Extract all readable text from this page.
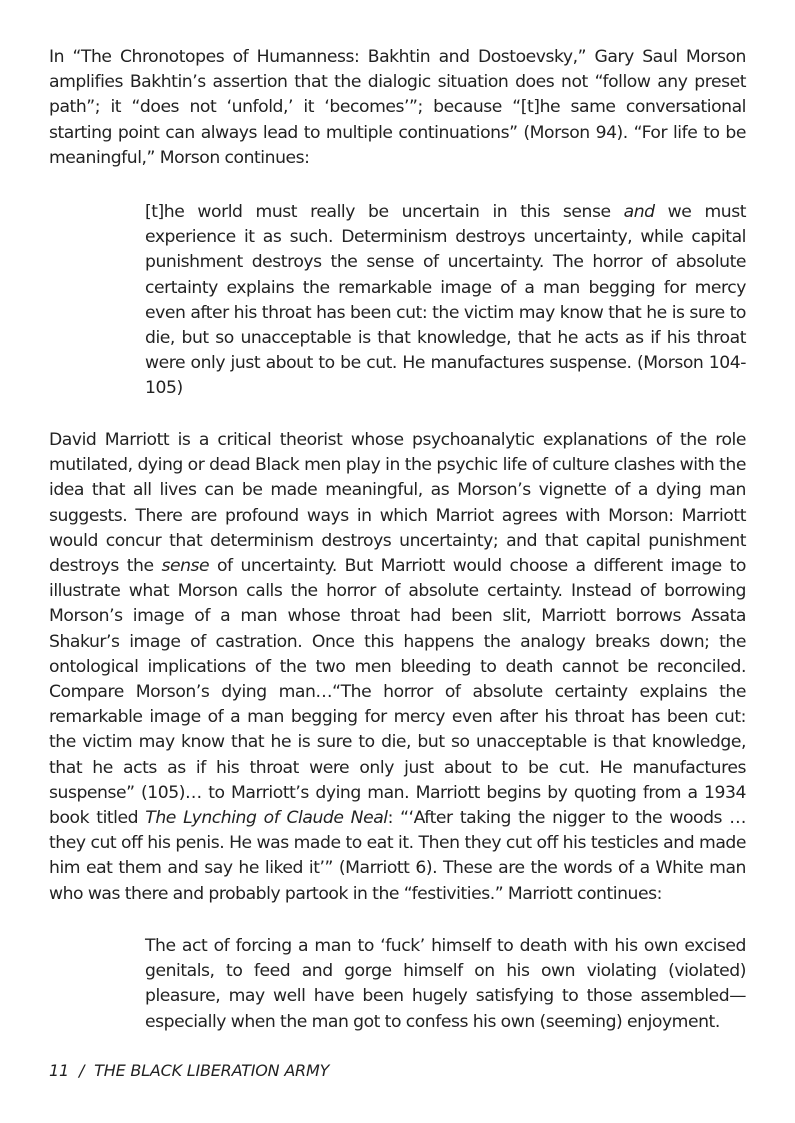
In “The Chronotopes of Humanness: Bakhtin and Dostoevsky,” Gary Saul Morson amplifies Bakhtin’s assertion that the dialogic situation does not “follow any preset path”; it “does not ‘unfold,’ it ‘becomes’”; because “[t]he same conversational starting point can always lead to multiple continuations” (Morson 94). “For life to be meaningful,” Morson continues:

[t]he world must really be uncertain in this sense and we must experience it as such. Determinism destroys uncertainty, while capital punishment destroys the sense of uncertainty. The horror of absolute certainty explains the remarkable image of a man begging for mercy even after his throat has been cut: the victim may know that he is sure to die, but so unacceptable is that knowledge, that he acts as if his throat were only just about to be cut. He manufactures suspense. (Morson 104-105)

David Marriott is a critical theorist whose psychoanalytic explanations of the role mutilated, dying or dead Black men play in the psychic life of culture clashes with the idea that all lives can be made meaningful, as Morson’s vignette of a dying man suggests. There are profound ways in which Marriot agrees with Morson: Marriott would concur that determinism destroys uncertainty; and that capital punishment destroys the sense of uncertainty. But Marriott would choose a different image to illustrate what Morson calls the horror of absolute certainty. Instead of borrowing Morson’s image of a man whose throat had been slit, Marriott borrows Assata Shakur’s image of castration. Once this happens the analogy breaks down; the ontological implications of the two men bleeding to death cannot be reconciled. Compare Morson’s dying man…“The horror of absolute certainty explains the remarkable image of a man begging for mercy even after his throat has been cut: the victim may know that he is sure to die, but so unacceptable is that knowledge, that he acts as if his throat were only just about to be cut. He manufactures suspense” (105)… to Marriott’s dying man. Marriott begins by quoting from a 1934 book titled The Lynching of Claude Neal: “‘After taking the nigger to the woods …they cut off his penis. He was made to eat it. Then they cut off his testicles and made him eat them and say he liked it’” (Marriott 6). These are the words of a White man who was there and probably partook in the “festivities.” Marriott continues:

The act of forcing a man to ‘fuck’ himself to death with his own excised genitals, to feed and gorge himself on his own violating (violated) pleasure, may well have been hugely satisfying to those assembled—especially when the man got to confess his own (seeming) enjoyment.

11 / THE BLACK LIBERATION ARMY
